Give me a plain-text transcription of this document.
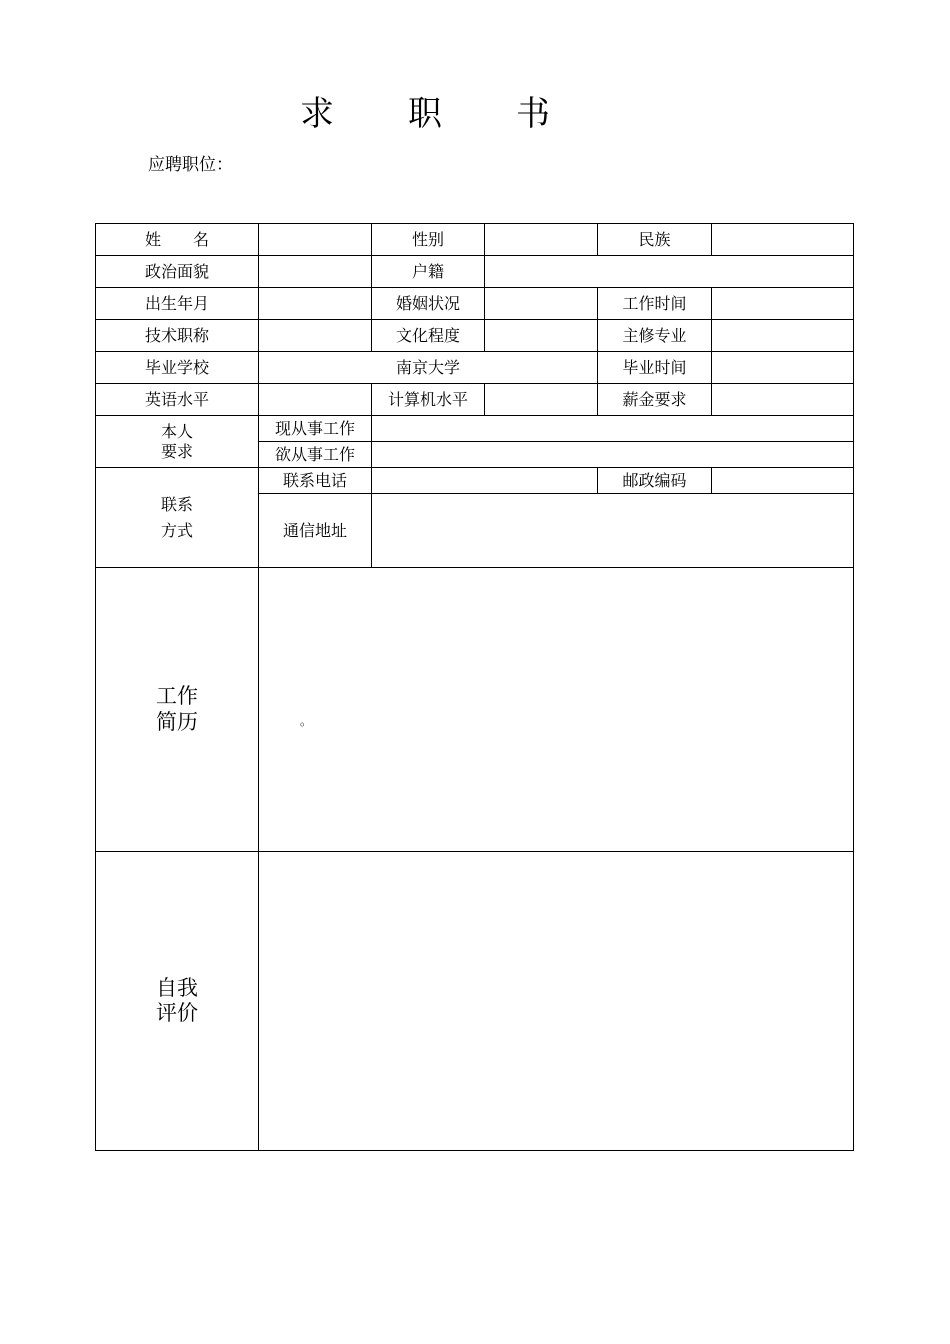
求 职 书
应聘职位：
姓　　名		性别		民族	
政治面貌		户籍			
出生年月		婚姻状况		工作时间	
技术职称		文化程度		主修专业	
毕业学校	南京大学			毕业时间	
英语水平		计算机水平		薪金要求	

本人
要求	现从事工作				
	欲从事工作				

联系
方式	联系电话			邮政编码	
	通信地址				

工作
简历					

自我
评价					

。
